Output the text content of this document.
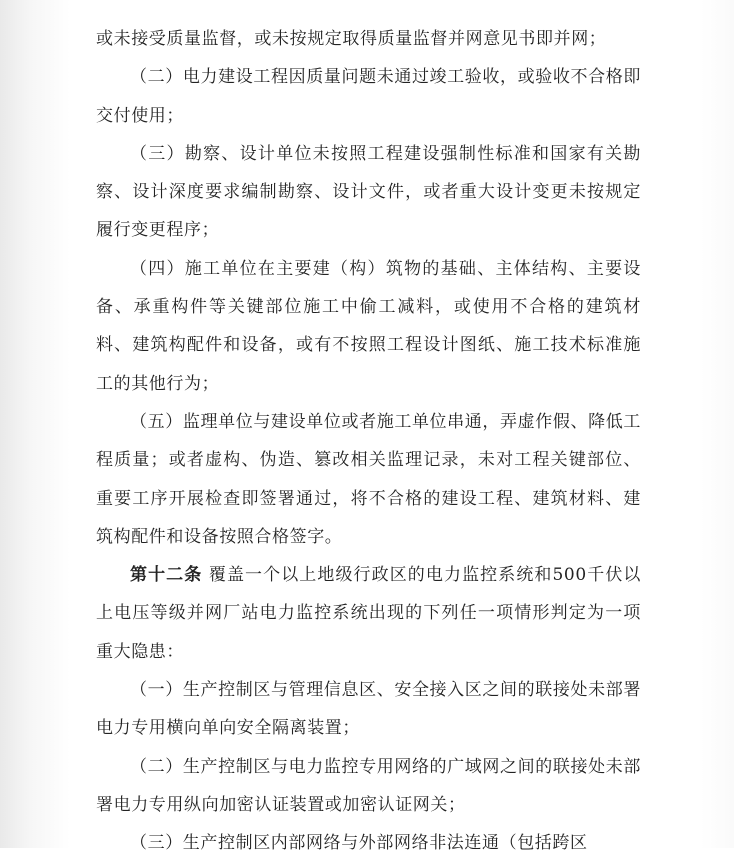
或未接受质量监督，或未按规定取得质量监督并网意见书即并网；

（二）电力建设工程因质量问题未通过竣工验收，或验收不合格即交付使用；

（三）勘察、设计单位未按照工程建设强制性标准和国家有关勘察、设计深度要求编制勘察、设计文件，或者重大设计变更未按规定履行变更程序；

（四）施工单位在主要建（构）筑物的基础、主体结构、主要设备、承重构件等关键部位施工中偷工减料，或使用不合格的建筑材料、建筑构配件和设备，或有不按照工程设计图纸、施工技术标准施工的其他行为；

（五）监理单位与建设单位或者施工单位串通，弄虚作假、降低工程质量；或者虚构、伪造、篡改相关监理记录，未对工程关键部位、重要工序开展检查即签署通过，将不合格的建设工程、建筑材料、建筑构配件和设备按照合格签字。

第十二条 覆盖一个以上地级行政区的电力监控系统和500千伏以上电压等级并网厂站电力监控系统出现的下列任一项情形判定为一项重大隐患：

（一）生产控制区与管理信息区、安全接入区之间的联接处未部署电力专用横向单向安全隔离装置；

（二）生产控制区与电力监控专用网络的广域网之间的联接处未部署电力专用纵向加密认证装置或加密认证网关；

（三）生产控制区内部网络与外部网络非法连通（包括跨区
